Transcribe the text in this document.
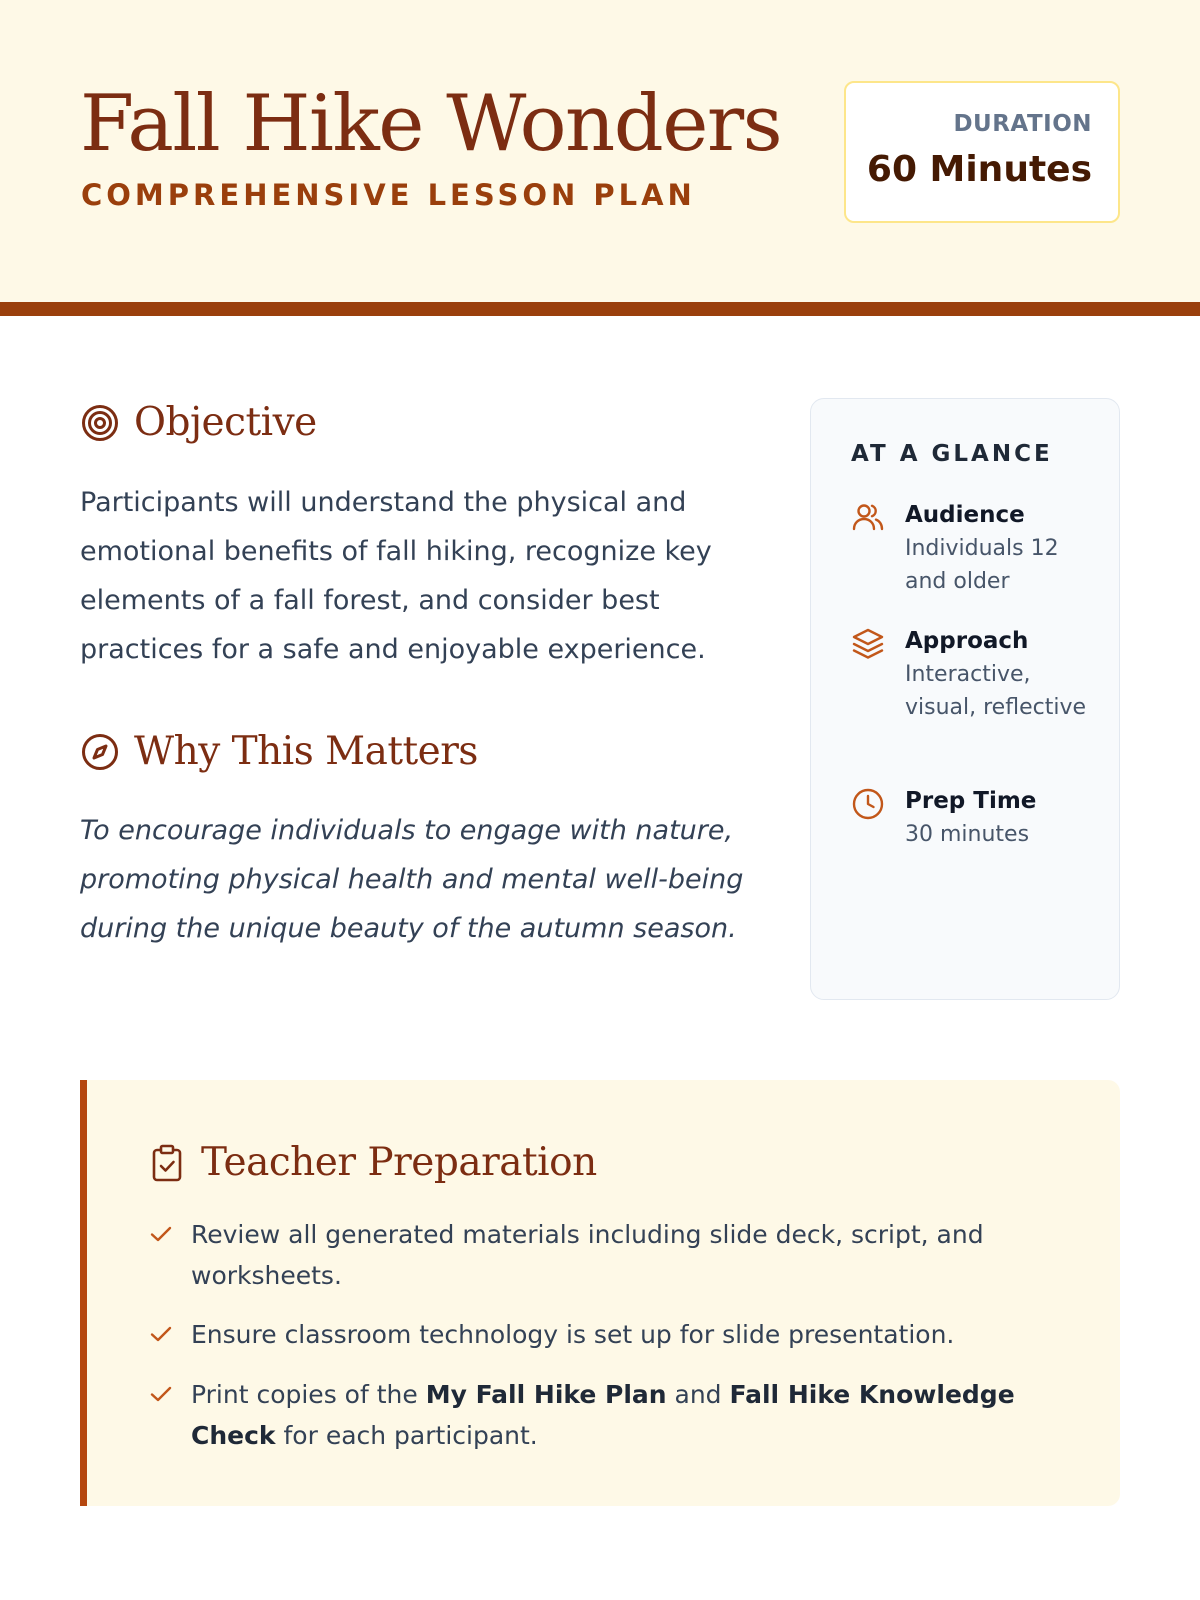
Fall Hike Wonders
COMPREHENSIVE LESSON PLAN
DURATION
60 Minutes
Objective
Participants will understand the physical and emotional benefits of fall hiking, recognize key elements of a fall forest, and consider best practices for a safe and enjoyable experience.
Why This Matters
To encourage individuals to engage with nature, promoting physical health and mental well-being during the unique beauty of the autumn season.
AT A GLANCE
Audience
Individuals 12 and older
Approach
Interactive, visual, reflective
Prep Time
30 minutes
Teacher Preparation
Review all generated materials including slide deck, script, and worksheets.
Ensure classroom technology is set up for slide presentation.
Print copies of the My Fall Hike Plan and Fall Hike Knowledge Check for each participant.
